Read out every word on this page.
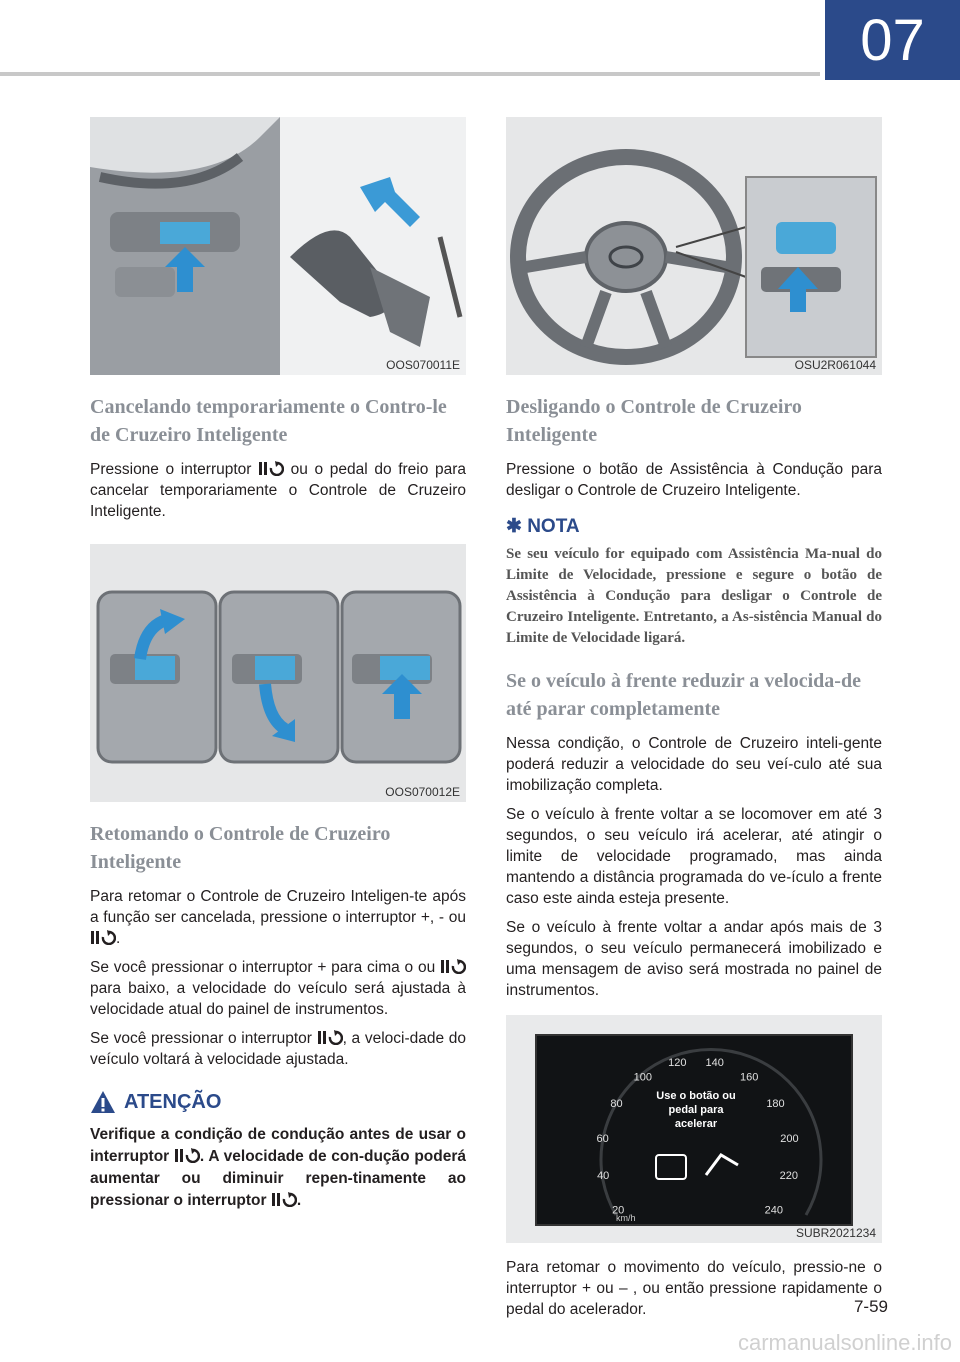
07
OOS070011E
Cancelando temporariamente o Contro-le de Cruzeiro Inteligente

Pressione o interruptor  ou o pedal do freio para cancelar temporariamente o Controle de Cruzeiro Inteligente.

OOS070012E
Retomando o Controle de Cruzeiro Inteligente

Para retomar o Controle de Cruzeiro Inteligen-te após a função ser cancelada, pressione o interruptor +, - ou .

Se você pressionar o interruptor + para cima o ou  para baixo, a velocidade do veículo será ajustada à velocidade atual do painel de instrumentos.

Se você pressionar o interruptor , a veloci-dade do veículo voltará à velocidade ajustada.

ATENÇÃO

Verifique a condição de condução antes de usar o interruptor . A velocidade de con-dução poderá aumentar ou diminuir repen-tinamente ao pressionar o interruptor .

OSU2R061044
Desligando o Controle de Cruzeiro Inteligente

Pressione o botão de Assistência à Condução para desligar o Controle de Cruzeiro Inteligente.

✱ NOTA

Se seu veículo for equipado com Assistência Ma-nual do Limite de Velocidade, pressione e segure o botão de Assistência à Condução para desligar o Controle de Cruzeiro Inteligente. Entretanto, a As-sistência Manual do Limite de Velocidade ligará.

Se o veículo à frente reduzir a velocida-de até parar completamente

Nessa condição, o Controle de Cruzeiro inteli-gente poderá reduzir a velocidade do seu veí-culo até sua imobilização completa.

Se o veículo à frente voltar a se locomover em até 3 segundos, o seu veículo irá acelerar, até atingir o limite de velocidade programado, mas ainda mantendo a distância programada do ve-ículo a frente caso este ainda esteja presente.

Se o veículo à frente voltar a andar após mais de 3 segundos, o seu veículo permanecerá imobilizado e uma mensagem de aviso será mostrada no painel de instrumentos.

20
40
60
80
100
120 140
160
180
200
220
240
km/h
Use o botão ou
pedal para
acelerar
SUBR2021234

Para retomar o movimento do veículo, pressio-ne o interruptor + ou – , ou então pressione rapidamente o pedal do acelerador.	7-59
carmanualsonline.info
